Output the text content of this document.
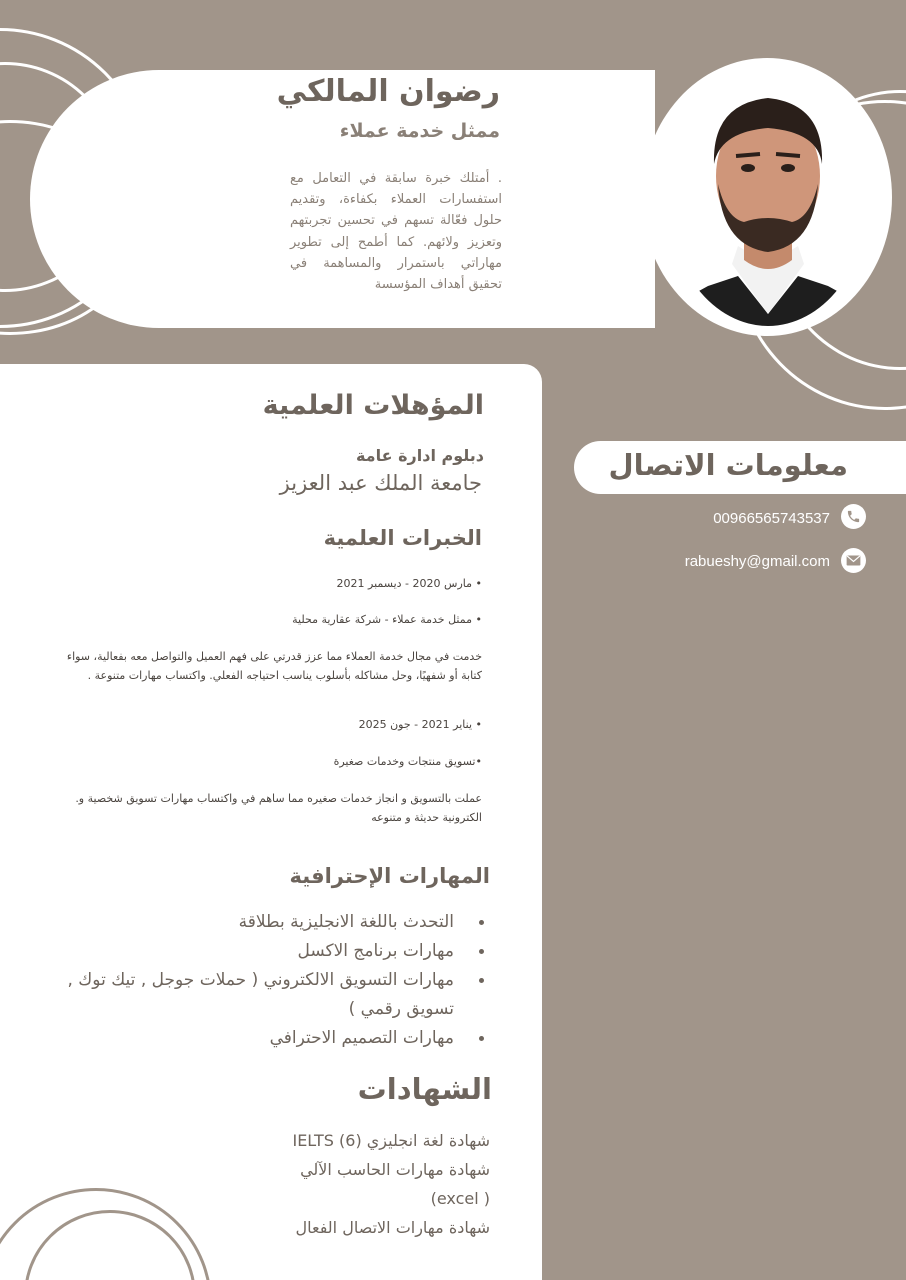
رضوان المالكي
ممثل خدمة عملاء
. أمتلك خبرة سابقة في التعامل مع استفسارات العملاء بكفاءة، وتقديم حلول فعّالة تسهم في تحسين تجربتهم وتعزيز ولائهم. كما أطمح إلى تطوير مهاراتي باستمرار والمساهمة في تحقيق أهداف المؤسسة
المؤهلات العلمية
دبلوم ادارة عامة
جامعة الملك عبد العزيز
الخبرات العلمية
• مارس 2020 - ديسمبر 2021
• ممثل خدمة عملاء - شركة عقارية محلية
خدمت في مجال خدمة العملاء مما عزز قدرتي على فهم العميل والتواصل معه بفعالية، سواء كتابة أو شفهيًا، وحل مشاكله بأسلوب يناسب احتياجه الفعلي. واكتساب مهارات متنوعة .
• يناير 2021 - جون 2025
•تسويق منتجات وخدمات صغيرة
عملت بالتسويق و انجاز خدمات صغيره مما ساهم في واكتساب مهارات تسويق شخصية و. الكترونية حديثة و متنوعه
المهارات الإحترافية
التحدث باللغة الانجليزية بطلاقة
مهارات برنامج الاكسل
مهارات التسويق الالكتروني ( حملات جوجل , تيك توك , تسويق رقمي )
مهارات التصميم الاحترافي
الشهادات
شهادة لغة انجليزي (6) IELTS
شهادة مهارات الحاسب الآلي
( excel)
شهادة مهارات الاتصال الفعال
معلومات الاتصال
00966565743537
rabueshy@gmail.com
